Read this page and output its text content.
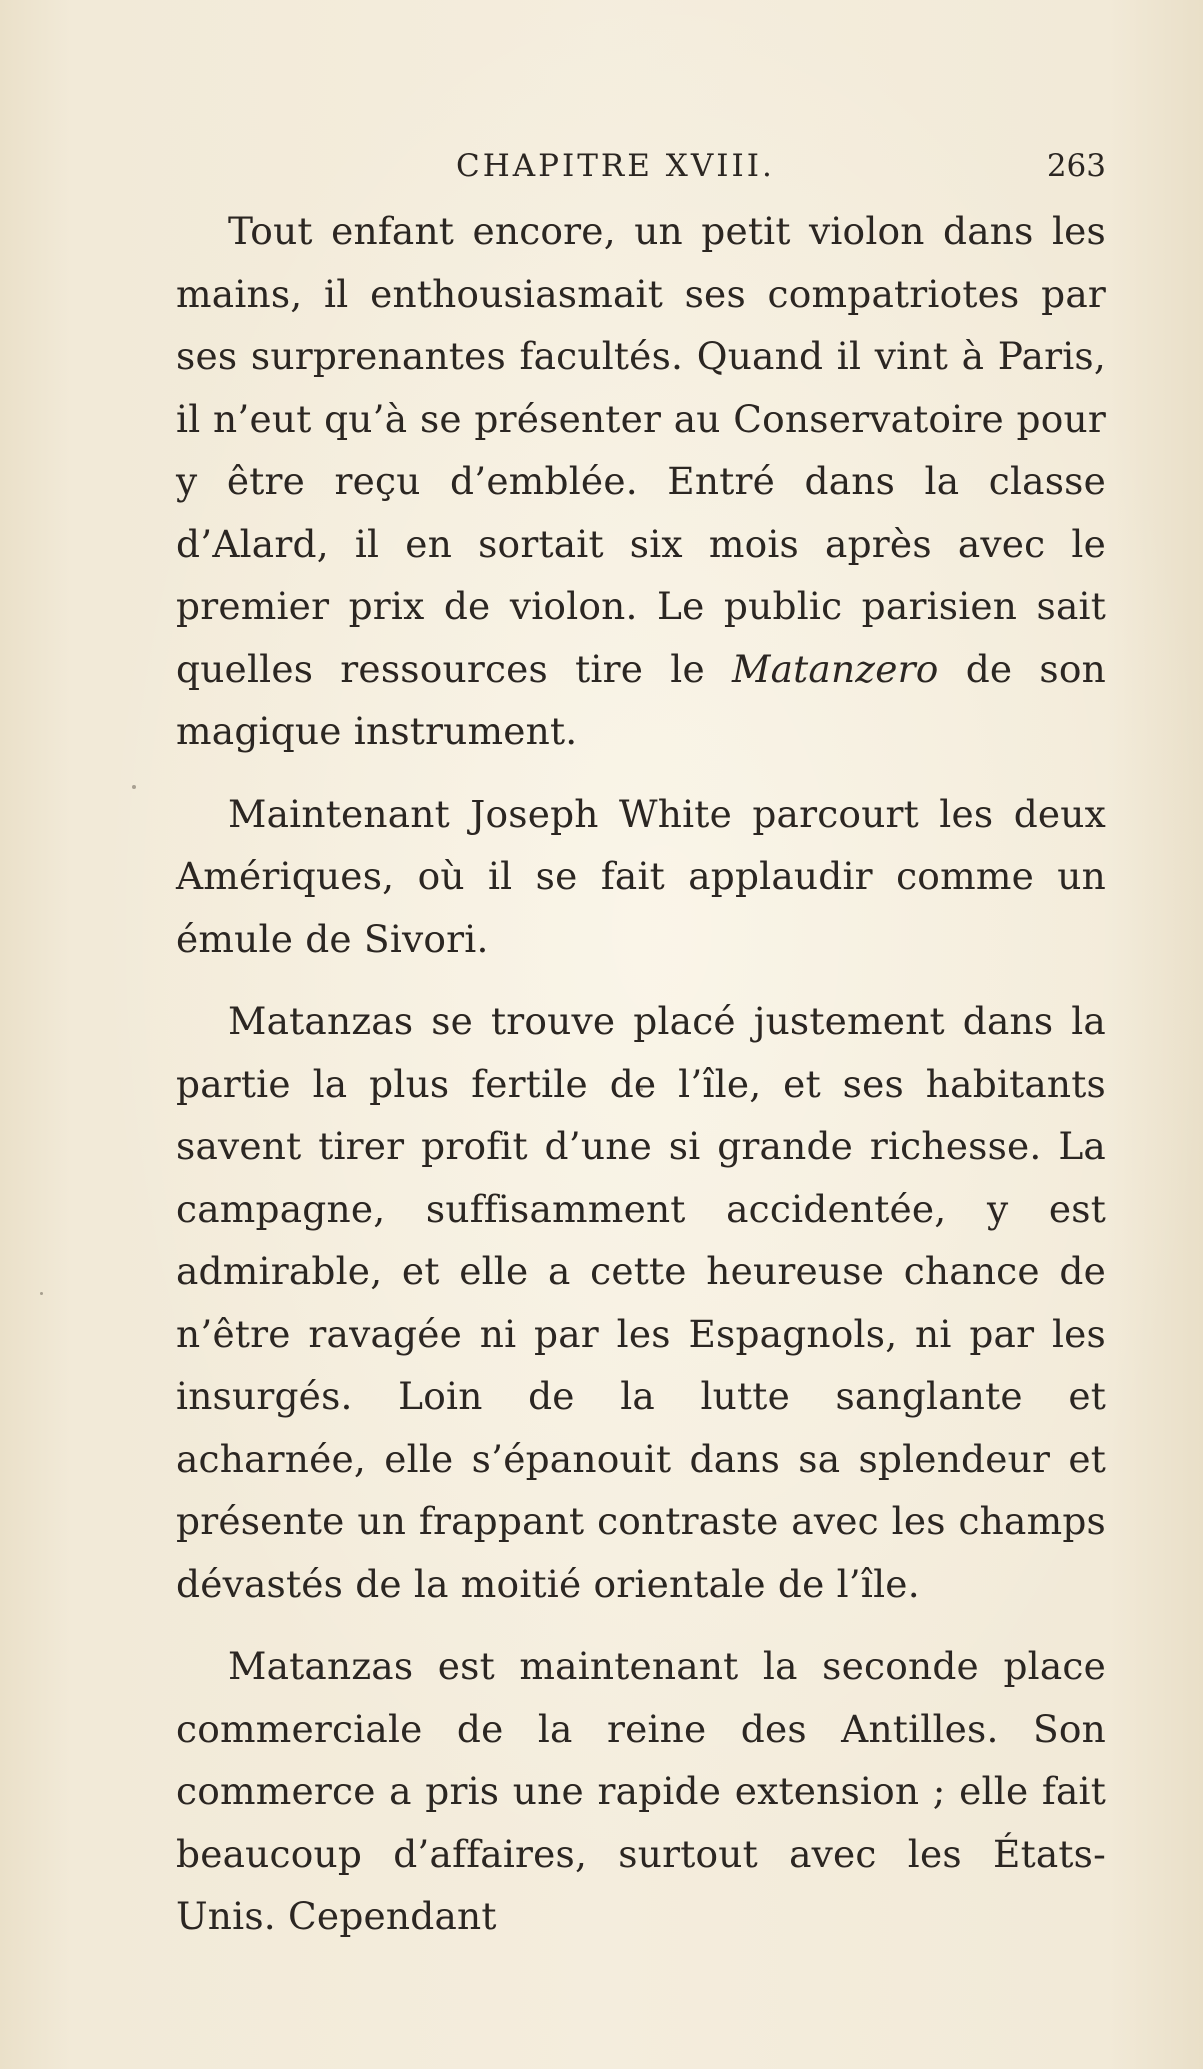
CHAPITRE XVIII.	263

Tout enfant encore, un petit violon dans les mains, il enthousiasmait ses compatriotes par ses surprenantes facultés. Quand il vint à Paris, il n’eut qu’à se présenter au Conservatoire pour y être reçu d’emblée. Entré dans la classe d’Alard, il en sortait six mois après avec le premier prix de violon. Le public parisien sait quelles ressources tire le Matanzero de son magique instrument.

Maintenant Joseph White parcourt les deux Amériques, où il se fait applaudir comme un émule de Sivori.

Matanzas se trouve placé justement dans la partie la plus fertile de l’île, et ses habitants savent tirer profit d’une si grande richesse. La campagne, suffisamment accidentée, y est admirable, et elle a cette heureuse chance de n’être ravagée ni par les Espagnols, ni par les insurgés. Loin de la lutte sanglante et acharnée, elle s’épanouit dans sa splendeur et présente un frappant contraste avec les champs dévastés de la moitié orientale de l’île.

Matanzas est maintenant la seconde place commerciale de la reine des Antilles. Son commerce a pris une rapide extension ; elle fait beaucoup d’affaires, surtout avec les États-Unis. Cependant
